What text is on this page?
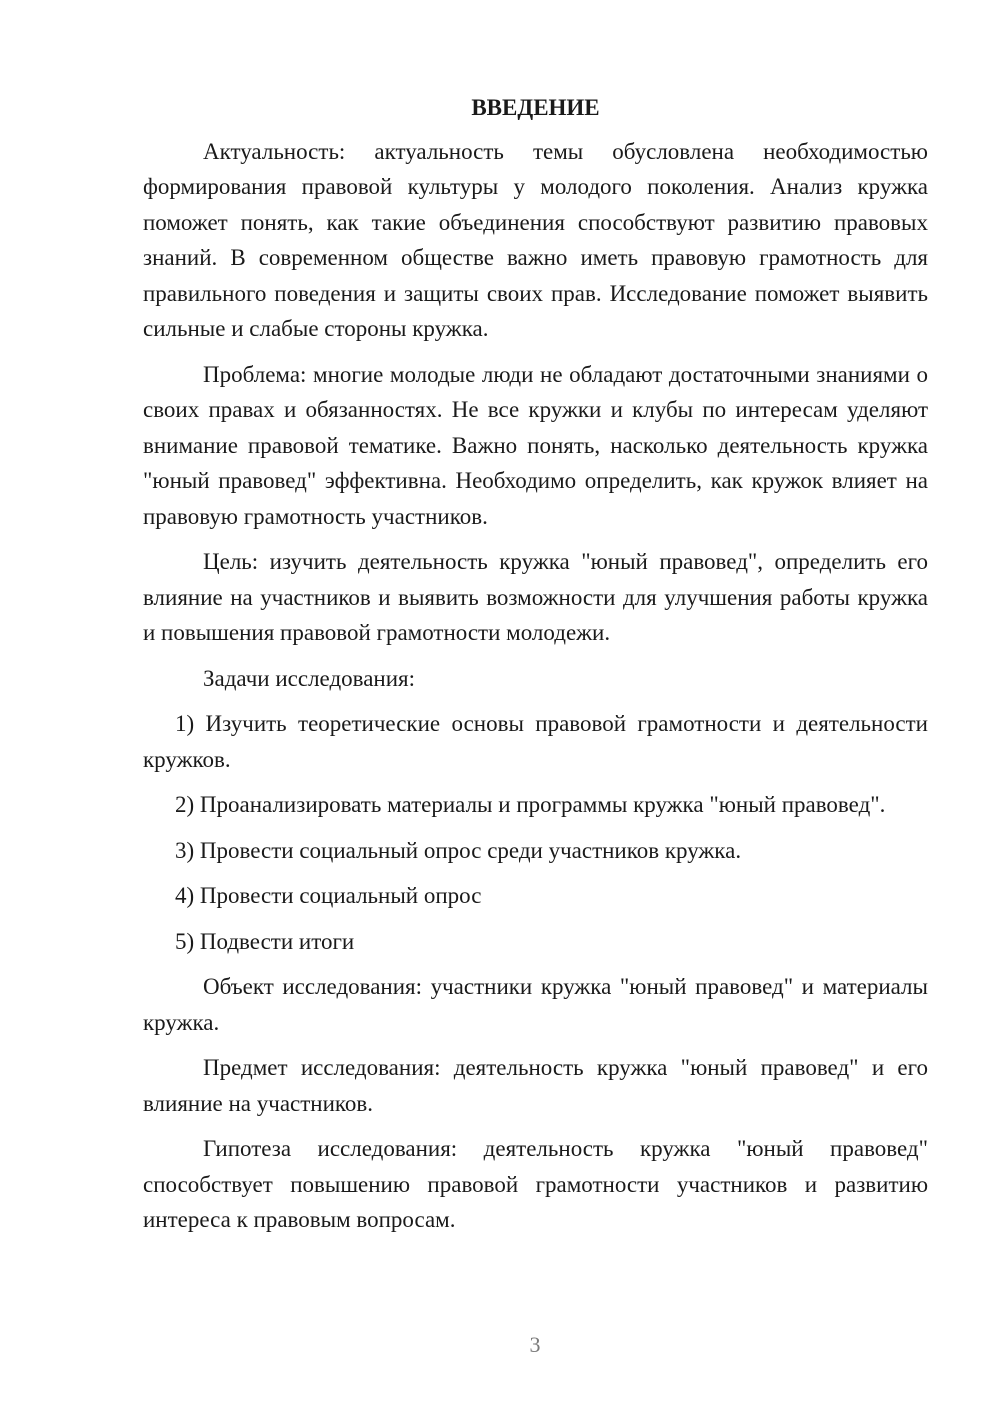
ВВЕДЕНИЕ

Актуальность: актуальность темы обусловлена необходимостью формирования правовой культуры у молодого поколения. Анализ кружка поможет понять, как такие объединения способствуют развитию правовых знаний. В современном обществе важно иметь правовую грамотность для правильного поведения и защиты своих прав. Исследование поможет выявить сильные и слабые стороны кружка.

Проблема: многие молодые люди не обладают достаточными знаниями о своих правах и обязанностях. Не все кружки и клубы по интересам уделяют внимание правовой тематике. Важно понять, насколько деятельность кружка "юный правовед" эффективна. Необходимо определить, как кружок влияет на правовую грамотность участников.

Цель: изучить деятельность кружка "юный правовед", определить его влияние на участников и выявить возможности для улучшения работы кружка и повышения правовой грамотности молодежи.

Задачи исследования:

1) Изучить теоретические основы правовой грамотности и деятельности кружков.

2) Проанализировать материалы и программы кружка "юный правовед".

3) Провести социальный опрос среди участников кружка.

4) Провести социальный опрос

5) Подвести итоги

Объект исследования: участники кружка "юный правовед" и материалы кружка.

Предмет исследования: деятельность кружка "юный правовед" и его влияние на участников.

Гипотеза исследования: деятельность кружка "юный правовед" способствует повышению правовой грамотности участников и развитию интереса к правовым вопросам.

3
